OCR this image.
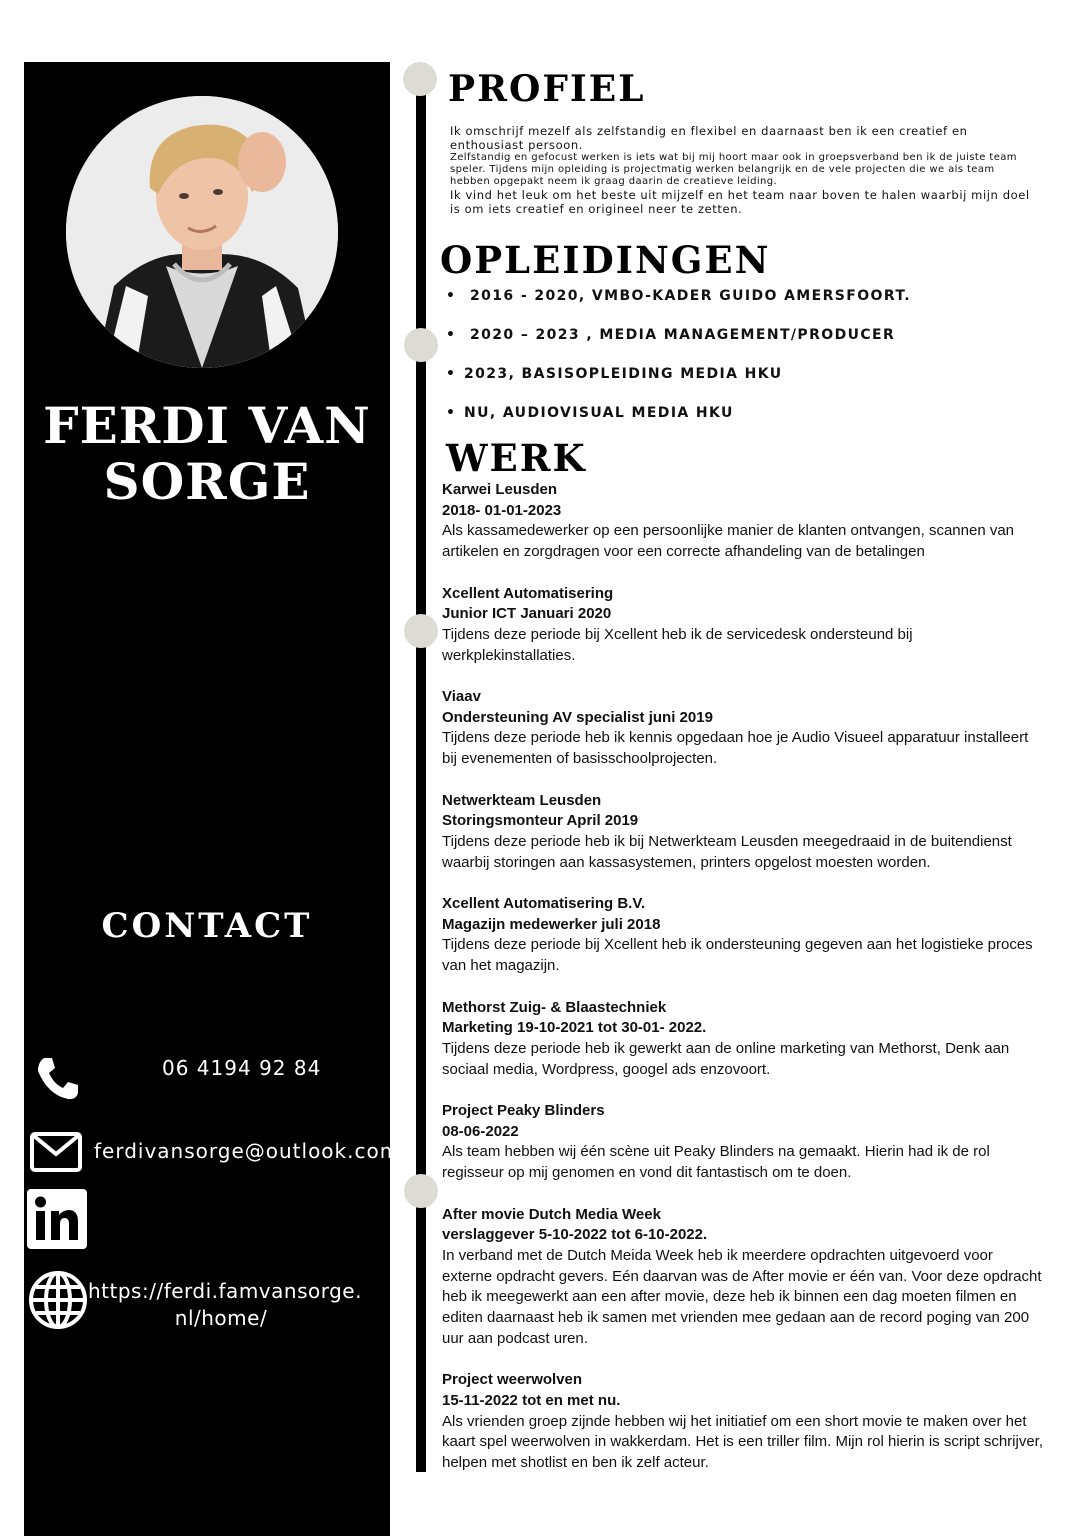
FERDI VAN SORGE
CONTACT
06 4194 92 84
ferdivansorge@outlook.com
https://ferdi.famvansorge.
nl/home/
PROFIEL
Ik omschrijf mezelf als zelfstandig en flexibel en daarnaast ben ik een creatief en enthousiast persoon.
Zelfstandig en gefocust werken is iets wat bij mij hoort maar ook in groepsverband ben ik de juiste team speler. Tijdens mijn opleiding is projectmatig werken belangrijk en de vele projecten die we als team hebben opgepakt neem ik graag daarin de creatieve leiding.
Ik vind het leuk om het beste uit mijzelf en het team naar boven te halen waarbij mijn doel is om iets creatief en origineel neer te zetten.
OPLEIDINGEN
• 2016 - 2020, VMBO-KADER GUIDO AMERSFOORT.
• 2020 – 2023 , MEDIA MANAGEMENT/PRODUCER
• 2023, BASISOPLEIDING MEDIA HKU
• NU, AUDIOVISUAL MEDIA HKU
WERK
Karwei Leusden
2018- 01-01-2023
Als kassamedewerker op een persoonlijke manier de klanten ontvangen, scannen van artikelen en zorgdragen voor een correcte afhandeling van de betalingen
Xcellent Automatisering
Junior ICT Januari 2020
Tijdens deze periode bij Xcellent heb ik de servicedesk ondersteund bij werkplekinstallaties.
Viaav
Ondersteuning AV specialist juni 2019
Tijdens deze periode heb ik kennis opgedaan hoe je Audio Visueel apparatuur installeert bij evenementen of basisschoolprojecten.
Netwerkteam Leusden
Storingsmonteur April 2019
Tijdens deze periode heb ik bij Netwerkteam Leusden meegedraaid in de buitendienst waarbij storingen aan kassasystemen, printers opgelost moesten worden.
Xcellent Automatisering B.V.
Magazijn medewerker juli 2018
Tijdens deze periode bij Xcellent heb ik ondersteuning gegeven aan het logistieke proces van het magazijn.
Methorst Zuig- & Blaastechniek
Marketing 19-10-2021 tot 30-01- 2022.
Tijdens deze periode heb ik gewerkt aan de online marketing van Methorst, Denk aan sociaal media, Wordpress, googel ads enzovoort.
Project Peaky Blinders
08-06-2022
Als team hebben wij één scène uit Peaky Blinders na gemaakt. Hierin had ik de rol regisseur op mij genomen en vond dit fantastisch om te doen.
After movie Dutch Media Week
verslaggever 5-10-2022 tot 6-10-2022.
In verband met de Dutch Meida Week heb ik meerdere opdrachten uitgevoerd voor externe opdracht gevers. Eén daarvan was de After movie er één van. Voor deze opdracht heb ik meegewerkt aan een after movie, deze heb ik binnen een dag moeten filmen en editen daarnaast heb ik samen met vrienden mee gedaan aan de record poging van 200 uur aan podcast uren.
Project weerwolven
15-11-2022 tot en met nu.
Als vrienden groep zijnde hebben wij het initiatief om een short movie te maken over het kaart spel weerwolven in wakkerdam. Het is een triller film. Mijn rol hierin is script schrijver, helpen met shotlist en ben ik zelf acteur.
